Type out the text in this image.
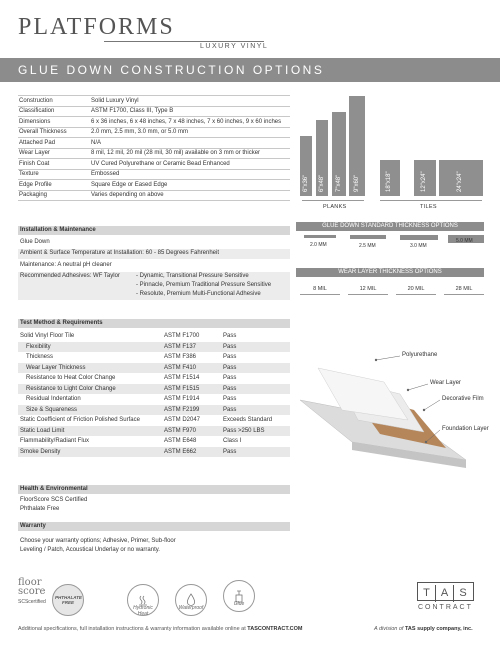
PLATFORMS
LUXURY VINYL
GLUE DOWN CONSTRUCTION OPTIONS
Construction	Solid Luxury Vinyl
Classification	ASTM F1700, Class III, Type B
Dimensions	6 x 36 inches, 6 x 48 inches, 7 x 48 inches, 7 x 60 inches, 9 x 60 inches
Overall Thickness	2.0 mm, 2.5 mm, 3.0 mm, or 5.0 mm
Attached Pad	N/A
Wear Layer	8 mil, 12 mil, 20 mil (28 mil, 30 mil) available on 3 mm or thicker
Finish Coat	UV Cured Polyurethane or Ceramic Bead Enhanced
Texture	Embossed
Edge Profile	Square Edge or Eased Edge
Packaging	Varies depending on above
6"x36" 6"x48" 7"x48" 9"x60"
PLANKS
18"x18"	12"x24"	24"x24"
TILES
GLUE DOWN STANDARD THICKNESS OPTIONS
2.0 MM	2.5 MM	3.0 MM
5.0 MM
WEAR LAYER THICKNESS OPTIONS
8 MIL	12 MIL	20 MIL	28 MIL
Installation & Maintenance
Glue Down
Ambient & Surface Temperature at Installation: 60 - 85 Degrees Fahrenheit
Maintenance: A neutral pH cleaner
Recommended Adhesives: WF Taylor	- Dynamic, Transitional Pressure Sensitive
- Pinnacle, Premium Traditional Pressure Sensitive
- Resolute, Premium Multi-Functional Adhesive
Test Method & Requirements
Solid Vinyl Floor Tile	ASTM F1700	Pass
Flexibility	ASTM F137	Pass
Thickness	ASTM F386	Pass
Wear Layer Thickness	ASTM F410	Pass
Resistance to Heat Color Change	ASTM F1514	Pass
Resistance to Light Color Change	ASTM F1515	Pass
Residual Indentation	ASTM F1914	Pass
Size & Squareness	ASTM F2199	Pass
Static Coefficient of Friction Polished Surface	ASTM D2047	Exceeds Standard
Static Load Limit	ASTM F970	Pass >250 LBS
Flammability/Radiant Flux	ASTM E648	Class I
Smoke Density	ASTM E662	Pass
Polyurethane
Wear Layer
Decorative Film
Foundation Layer
Health & Environmental
FloorScore SCS Certified
Phthalate Free
Warranty
Choose your warranty options; Adhesive, Primer, Sub-floor
Leveling / Patch, Acoustical Underlay or no warranty.
floor score
SCScertified
PHTHALATE FREE
Hydronic Heat
Waterproof
Glue
T A S
CONTRACT
Additional specifications, full installation instructions & warranty information available online at TASCONTRACT.COM	A division of TAS supply company, inc.
